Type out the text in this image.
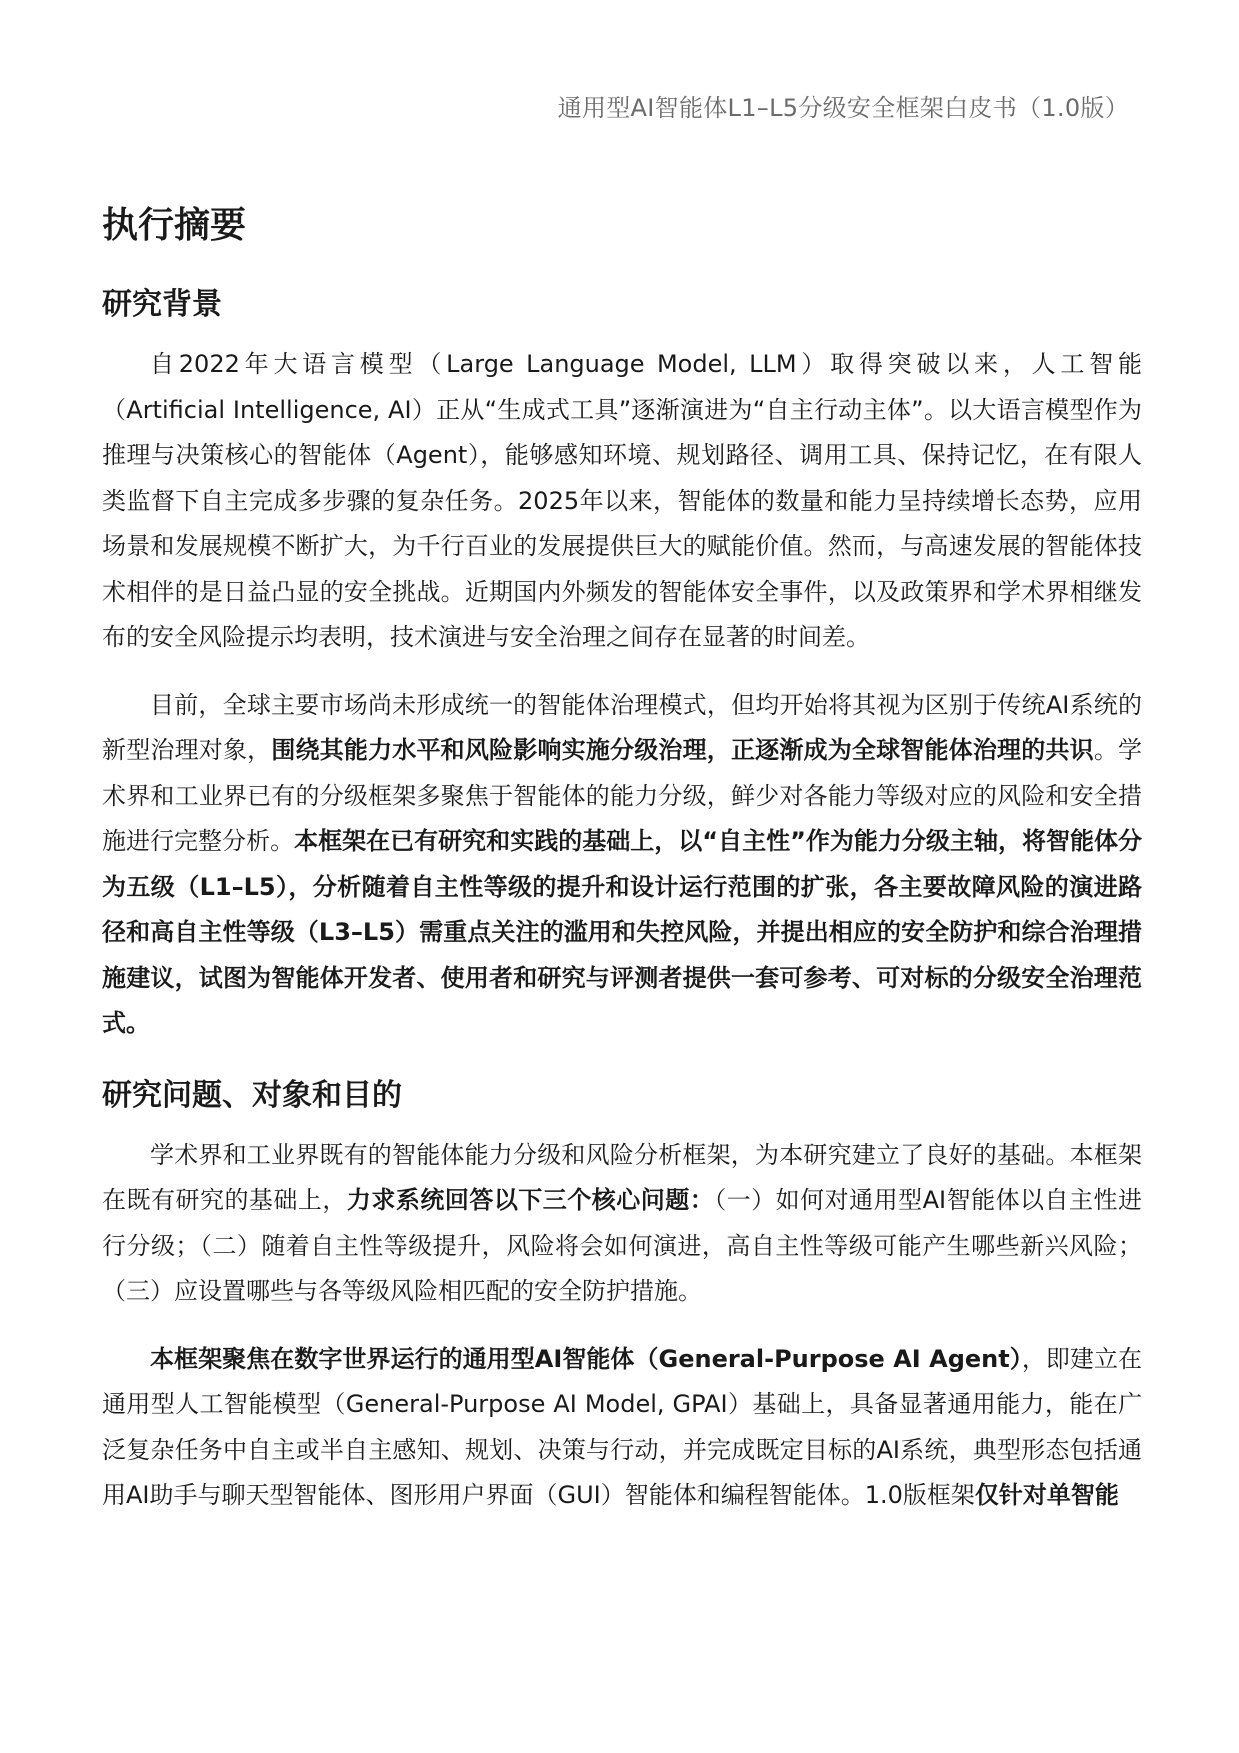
通用型AI智能体L1–L5分级安全框架白皮书（1.0版）
执行摘要
研究背景

自2022年大语言模型（Large Language Model, LLM）取得突破以来，人工智能（Artificial Intelligence, AI）正从“生成式工具”逐渐演进为“自主行动主体”。以大语言模型作为推理与决策核心的智能体（Agent），能够感知环境、规划路径、调用工具、保持记忆，在有限人类监督下自主完成多步骤的复杂任务。2025年以来，智能体的数量和能力呈持续增长态势，应用场景和发展规模不断扩大，为千行百业的发展提供巨大的赋能价值。然而，与高速发展的智能体技术相伴的是日益凸显的安全挑战。近期国内外频发的智能体安全事件，以及政策界和学术界相继发布的安全风险提示均表明，技术演进与安全治理之间存在显著的时间差。

目前，全球主要市场尚未形成统一的智能体治理模式，但均开始将其视为区别于传统AI系统的新型治理对象，围绕其能力水平和风险影响实施分级治理，正逐渐成为全球智能体治理的共识。学术界和工业界已有的分级框架多聚焦于智能体的能力分级，鲜少对各能力等级对应的风险和安全措施进行完整分析。本框架在已有研究和实践的基础上，以“自主性”作为能力分级主轴，将智能体分为五级（L1–L5），分析随着自主性等级的提升和设计运行范围的扩张，各主要故障风险的演进路径和高自主性等级（L3–L5）需重点关注的滥用和失控风险，并提出相应的安全防护和综合治理措施建议，试图为智能体开发者、使用者和研究与评测者提供一套可参考、可对标的分级安全治理范式。

研究问题、对象和目的

学术界和工业界既有的智能体能力分级和风险分析框架，为本研究建立了良好的基础。本框架在既有研究的基础上，力求系统回答以下三个核心问题：（一）如何对通用型AI智能体以自主性进行分级；（二）随着自主性等级提升，风险将会如何演进，高自主性等级可能产生哪些新兴风险；（三）应设置哪些与各等级风险相匹配的安全防护措施。

本框架聚焦在数字世界运行的通用型AI智能体（General-Purpose AI Agent），即建立在通用型人工智能模型（General-Purpose AI Model, GPAI）基础上，具备显著通用能力，能在广泛复杂任务中自主或半自主感知、规划、决策与行动，并完成既定目标的AI系统，典型形态包括通用AI助手与聊天型智能体、图形用户界面（GUI）智能体和编程智能体。1.0版框架仅针对单智能
